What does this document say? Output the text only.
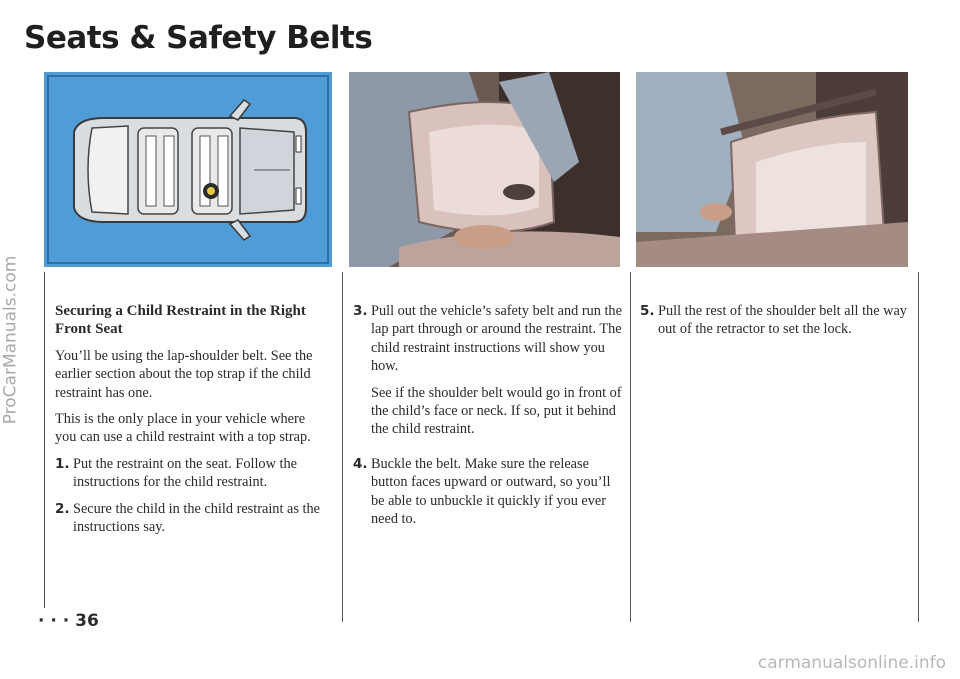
Seats & Safety Belts
ProCarManuals.com Securing a Child Restraint in the Right Front Seat

You’ll be using the lap-shoulder belt. See the earlier section about the top strap if the child restraint has one.

This is the only place in your vehicle where you can use a child restraint with a top strap.

1. Put the restraint on the seat. Follow the instructions for the child restraint.
2. Secure the child in the child restraint as the instructions say.
3. Pull out the vehicle’s safety belt and run the lap part through or around the restraint. The child restraint instructions will show you how.

See if the shoulder belt would go in front of the child’s face or neck. If so, put it behind the child restraint.

4. Buckle the belt. Make sure the release button faces upward or outward, so you’ll be able to unbuckle it quickly if you ever need to.
5. Pull the rest of the shoulder belt all the way out of the retractor to set the lock.
· · · 36
carmanualsonline.info
